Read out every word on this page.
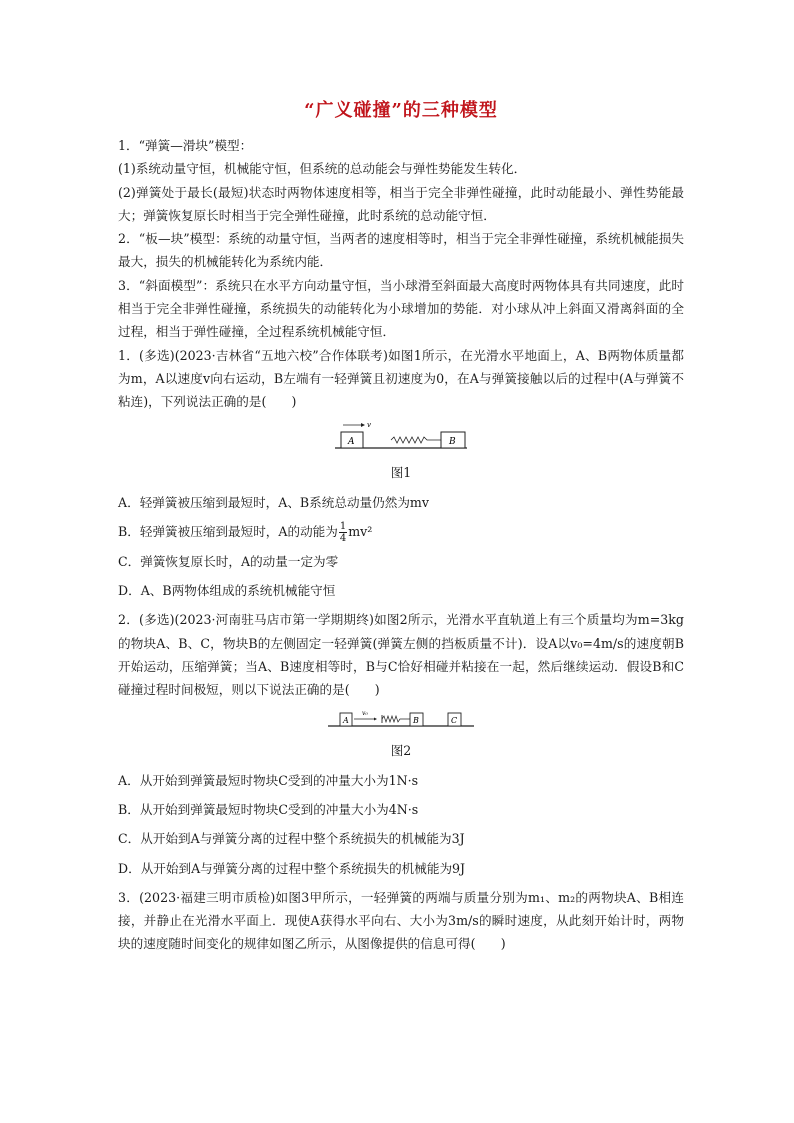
“广义碰撞”的三种模型

1．“弹簧—滑块”模型：

(1)系统动量守恒，机械能守恒，但系统的总动能会与弹性势能发生转化．

(2)弹簧处于最长(最短)状态时两物体速度相等，相当于完全非弹性碰撞，此时动能最小、弹性势能最大；弹簧恢复原长时相当于完全弹性碰撞，此时系统的总动能守恒．

2．“板—块”模型：系统的动量守恒，当两者的速度相等时，相当于完全非弹性碰撞，系统机械能损失最大，损失的机械能转化为系统内能．

3．“斜面模型”：系统只在水平方向动量守恒，当小球滑至斜面最大高度时两物体具有共同速度，此时相当于完全非弹性碰撞，系统损失的动能转化为小球增加的势能．对小球从冲上斜面又滑离斜面的全过程，相当于弹性碰撞，全过程系统机械能守恒．

1．(多选)(2023·吉林省“五地六校”合作体联考)如图1所示，在光滑水平地面上，A、B两物体质量都为m，A以速度v向右运动，B左端有一轻弹簧且初速度为0，在A与弹簧接触以后的过程中(A与弹簧不粘连)，下列说法正确的是(　　)

v
A	B
图1

A．轻弹簧被压缩到最短时，A、B系统总动量仍然为mv

B．轻弹簧被压缩到最短时，A的动能为 $\frac{1}{4} mv^2$

C．弹簧恢复原长时，A的动量一定为零

D．A、B两物体组成的系统机械能守恒

2．(多选)(2023·河南驻马店市第一学期期终)如图2所示，光滑水平直轨道上有三个质量均为m=3kg的物块A、B、C，物块B的左侧固定一轻弹簧(弹簧左侧的挡板质量不计)．设A以v₀=4m/s的速度朝B开始运动，压缩弹簧；当A、B速度相等时，B与C恰好相碰并粘接在一起，然后继续运动．假设B和C碰撞过程时间极短，则以下说法正确的是(　　)

A
v₀
B	C
图2

A．从开始到弹簧最短时物块C受到的冲量大小为1N·s

B．从开始到弹簧最短时物块C受到的冲量大小为4N·s

C．从开始到A与弹簧分离的过程中整个系统损失的机械能为3J

D．从开始到A与弹簧分离的过程中整个系统损失的机械能为9J

3．(2023·福建三明市质检)如图3甲所示，一轻弹簧的两端与质量分别为m₁、m₂的两物块A、B相连接，并静止在光滑水平面上．现使A获得水平向右、大小为3m/s的瞬时速度，从此刻开始计时，两物块的速度随时间变化的规律如图乙所示，从图像提供的信息可得(　　)
